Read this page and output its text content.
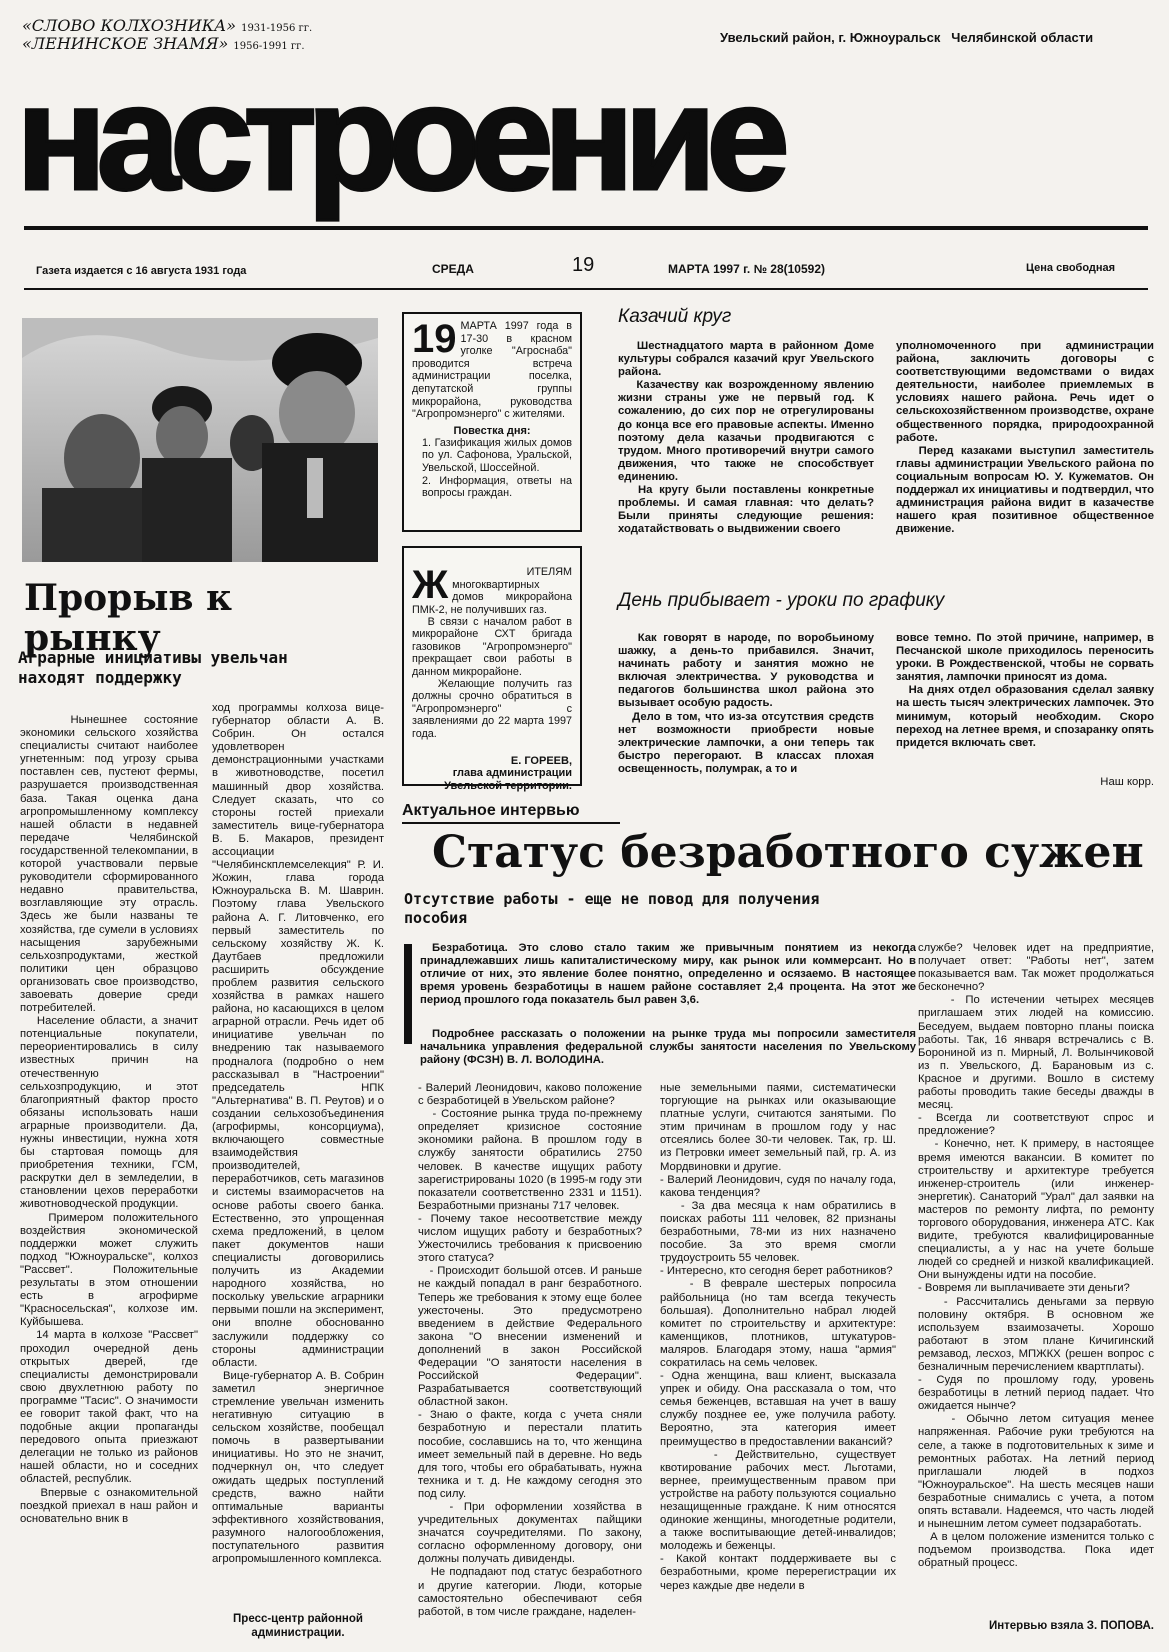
«СЛОВО КОЛХОЗНИКА» 1931-1956 гг.
«ЛЕНИНСКОЕ ЗНАМЯ» 1956-1991 гг.
Увельский район, г. Южноуральск   Челябинской области
настроение
Газета издается с 16 августа 1931 года	СРЕДА	19	МАРТА 1997 г. № 28(10592)	Цена свободная
Прорыв к рынку
Аграрные инициативы увельчан находят поддержку
Нынешнее состояние экономики сельского хозяйства специалисты считают наиболее угнетенным: под угрозу срыва поставлен сев, пустеют фермы, разрушается производственная база. Такая оценка дана агропромышленному комплексу нашей области в недавней передаче Челябинской государственной телекомпании, в которой участвовали первые руководители сформированного недавно правительства, возглавляющие эту отрасль. Здесь же были названы те хозяйства, где сумели в условиях насыщения зарубежными сельхозпродуктами, жесткой политики цен образцово организовать свое производство, завоевать доверие среди потребителей.
Население области, а значит потенциальные покупатели, переориентировались в силу известных причин на отечественную сельхозпродукцию, и этот благоприятный фактор просто обязаны использовать наши аграрные производители. Да, нужны инвестиции, нужна хотя бы стартовая помощь для приобретения техники, ГСМ, раскрутки дел в земледелии, в становлении цехов переработки животноводческой продукции.
Примером положительного воздействия экономической поддержки может служить подход "Южноуральске", колхоз "Рассвет". Положительные результаты в этом отношении есть в агрофирме "Красносельская", колхозе им. Куйбышева.
14 марта в колхозе "Рассвет" проходил очередной день открытых дверей, где специалисты демонстрировали свою двухлетнюю работу по программе "Тасис". О значимости ее говорит такой факт, что на подобные акции пропаганды передового опыта приезжают делегации не только из районов нашей области, но и соседних областей, республик.
Впервые с ознакомительной поездкой приехал в наш район и основательно вник в
ход программы колхоза вице-губернатор области А. В. Собрин. Он остался удовлетворен демонстрационными участками в животноводстве, посетил машинный двор хозяйства. Следует сказать, что со стороны гостей приехали заместитель вице-губернатора В. Б. Макаров, президент ассоциации "Челябинскплемселекция" Р. И. Жожин, глава города Южноуральска В. М. Шаврин. Поэтому глава Увельского района А. Г. Литовченко, его первый заместитель по сельскому хозяйству Ж. К. Даутбаев предложили расширить обсуждение проблем развития сельского хозяйства в рамках нашего района, но касающихся в целом аграрной отрасли. Речь идет об инициативе увельчан по внедрению так называемого продналога (подробно о нем рассказывал в "Настроении" председатель НПК "Альтернатива" В. П. Реутов) и о создании сельхозобъединения (агрофирмы, консорциума), включающего совместные взаимодействия производителей, переработчиков, сеть магазинов и системы взаиморасчетов на основе работы своего банка. Естественно, это упрощенная схема предложений, в целом пакет документов наши специалисты договорились получить из Академии народного хозяйства, но поскольку увельские аграрники первыми пошли на эксперимент, они вполне обоснованно заслужили поддержку со стороны администрации области.
Вице-губернатор А. В. Собрин заметил энергичное стремление увельчан изменить негативную ситуацию в сельском хозяйстве, пообещал помочь в развертывании инициативы. Но это не значит, подчеркнул он, что следует ожидать щедрых поступлений средств, важно найти оптимальные варианты эффективного хозяйствования, разумного налогообложения, поступательного развития агропромышленного комплекса.
Пресс-центр районной администрации.
19 МАРТА 1997 года в 17-30 в красном уголке "Агроснаба" проводится встреча администрации поселка, депутатской группы микрорайона, руководства "Агропромэнерго" с жителями.
Повестка дня:
1. Газификация жилых домов по ул. Сафонова, Уральской, Увельской, Шоссейной.
2. Информация, ответы на вопросы граждан.

Ж	ИТЕЛЯМ многоквартирных домов микрорайона ПМК-2, не получивших газ.
В связи с началом работ в микрорайоне СХТ бригада газовиков "Агропромэнерго" прекращает свои работы в данном микрорайоне.
Желающие получить газ должны срочно обратиться в "Агропромэнерго" с заявлениями до 22 марта 1997 года.

Е. ГОРЕЕВ,
глава администрации Увельской территории.
Казачий круг
Шестнадцатого марта в районном Доме культуры собрался казачий круг Увельского района.
Казачеству как возрожденному явлению жизни страны уже не первый год. К сожалению, до сих пор не отрегулированы до конца все его правовые аспекты. Именно поэтому дела казачьи продвигаются с трудом. Много противоречий внутри самого движения, что также не способствует единению.
На кругу были поставлены конкретные проблемы. И самая главная: что делать? Были приняты следующие решения: ходатайствовать о выдвижении своего
уполномоченного при администрации района, заключить договоры с соответствующими ведомствами о видах деятельности, наиболее приемлемых в условиях нашего района. Речь идет о сельскохозяйственном производстве, охране общественного порядка, природоохранной работе.
Перед казаками выступил заместитель главы администрации Увельского района по социальным вопросам Ю. У. Кужематов. Он поддержал их инициативы и подтвердил, что администрация района видит в казачестве нашего края позитивное общественное движение.
День прибывает - уроки по графику
Как говорят в народе, по воробьиному шажку, а день-то прибавился. Значит, начинать работу и занятия можно не включая электричества. У руководства и педагогов большинства школ района это вызывает особую радость.
Дело в том, что из-за отсутствия средств нет возможности приобрести новые электрические лампочки, а они теперь так быстро перегорают. В классах плохая освещенность, полумрак, а то и
вовсе темно. По этой причине, например, в Песчанской школе приходилось переносить уроки. В Рождественской, чтобы не сорвать занятия, лампочки приносят из дома.
На днях отдел образования сделал заявку на шесть тысяч электрических лампочек. Это минимум, который необходим. Скоро переход на летнее время, и спозаранку опять придется включать свет.
Наш корр.
Актуальное интервью
Статус безработного сужен
Отсутствие работы - еще не повод для получения пособия
Безработица. Это слово стало таким же привычным понятием из некогда принадлежавших лишь капиталистическому миру, как рынок или коммерсант. Но в отличие от них, это явление более понятно, определенно и осязаемо. В настоящее время уровень безработицы в нашем районе составляет 2,4 процента. На этот же период прошлого года показатель был равен 3,6.
Подробнее рассказать о положении на рынке труда мы попросили заместителя начальника управления федеральной службы занятости населения по Увельскому району (ФСЗН) В. Л. ВОЛОДИНА.
- Валерий Леонидович, каково положение с безработицей в Увельском районе?
- Состояние рынка труда по-прежнему определяет кризисное состояние экономики района. В прошлом году в службу занятости обратились 2750 человек. В качестве ищущих работу зарегистрированы 1020 (в 1995-м году эти показатели соответственно 2331 и 1151). Безработными признаны 717 человек.
- Почему такое несоответствие между числом ищущих работу и безработных? Ужесточились требования к присвоению этого статуса?
- Происходит большой отсев. И раньше не каждый попадал в ранг безработного. Теперь же требования к этому еще более ужесточены. Это предусмотрено введением в действие Федерального закона "О внесении изменений и дополнений в закон Российской Федерации "О занятости населения в Российской Федерации". Разрабатывается соответствующий областной закон.
- Знаю о факте, когда с учета сняли безработную и перестали платить пособие, сославшись на то, что женщина имеет земельный пай в деревне. Но ведь для того, чтобы его обрабатывать, нужна техника и т. д. Не каждому сегодня это под силу.
- При оформлении хозяйства в учредительных документах пайщики значатся соучредителями. По закону, согласно оформленному договору, они должны получать дивиденды.
Не подпадают под статус безработного и другие категории. Люди, которые самостоятельно обеспечивают себя работой, в том числе граждане, наделен-
ные земельными паями, систематически торгующие на рынках или оказывающие платные услуги, считаются занятыми. По этим причинам в прошлом году у нас отсеялись более 30-ти человек. Так, гр. Ш. из Петровки имеет земельный пай, гр. А. из Мордвиновки и другие.
- Валерий Леонидович, судя по началу года, какова тенденция?
- За два месяца к нам обратились в поисках работы 111 человек, 82 признаны безработными, 78-ми из них назначено пособие. За это время смогли трудоустроить 55 человек.
- Интересно, кто сегодня берет работников?
- В феврале шестерых попросила райбольница (но там всегда текучесть большая). Дополнительно набрал людей комитет по строительству и архитектуре: каменщиков, плотников, штукатуров-маляров. Благодаря этому, наша "армия" сократилась на семь человек.
- Одна женщина, ваш клиент, высказала упрек и обиду. Она рассказала о том, что семья беженцев, вставшая на учет в вашу службу позднее ее, уже получила работу. Вероятно, эта категория имеет преимущество в предоставлении вакансий?
- Действительно, существует квотирование рабочих мест. Льготами, вернее, преимущественным правом при устройстве на работу пользуются социально незащищенные граждане. К ним относятся одинокие женщины, многодетные родители, а также воспитывающие детей-инвалидов; молодежь и беженцы.
- Какой контакт поддерживаете вы с безработными, кроме перерегистрации их через каждые две недели в
службе? Человек идет на предприятие, получает ответ: "Работы нет", затем показывается вам. Так может продолжаться бесконечно?
- По истечении четырех месяцев приглашаем этих людей на комиссию. Беседуем, выдаем повторно планы поиска работы. Так, 16 января встречались с В. Борониной из п. Мирный, Л. Волынчиковой из п. Увельского, Д. Барановым из с. Красное и другими. Вошло в систему работы проводить такие беседы дважды в месяц.
- Всегда ли соответствуют спрос и предложение?
- Конечно, нет. К примеру, в настоящее время имеются вакансии. В комитет по строительству и архитектуре требуется инженер-строитель (или инженер-энергетик). Санаторий "Урал" дал заявки на мастеров по ремонту лифта, по ремонту торгового оборудования, инженера АТС. Как видите, требуются квалифицированные специалисты, а у нас на учете больше людей со средней и низкой квалификацией. Они вынуждены идти на пособие.
- Вовремя ли выплачиваете эти деньги?
- Рассчитались деньгами за первую половину октября. В основном же используем взаимозачеты. Хорошо работают в этом плане Кичигинский ремзавод, лесхоз, МПЖКХ (решен вопрос с безналичным перечислением квартплаты).
- Судя по прошлому году, уровень безработицы в летний период падает. Что ожидается нынче?
- Обычно летом ситуация менее напряженная. Рабочие руки требуются на селе, а также в подготовительных к зиме и ремонтных работах. На летний период приглашали людей в подхоз "Южноуральское". На шесть месяцев наши безработные снимались с учета, а потом опять вставали. Надеемся, что часть людей и нынешним летом сумеет подзаработать.
А в целом положение изменится только с подъемом производства. Пока идет обратный процесс.
Интервью взяла З. ПОПОВА.
